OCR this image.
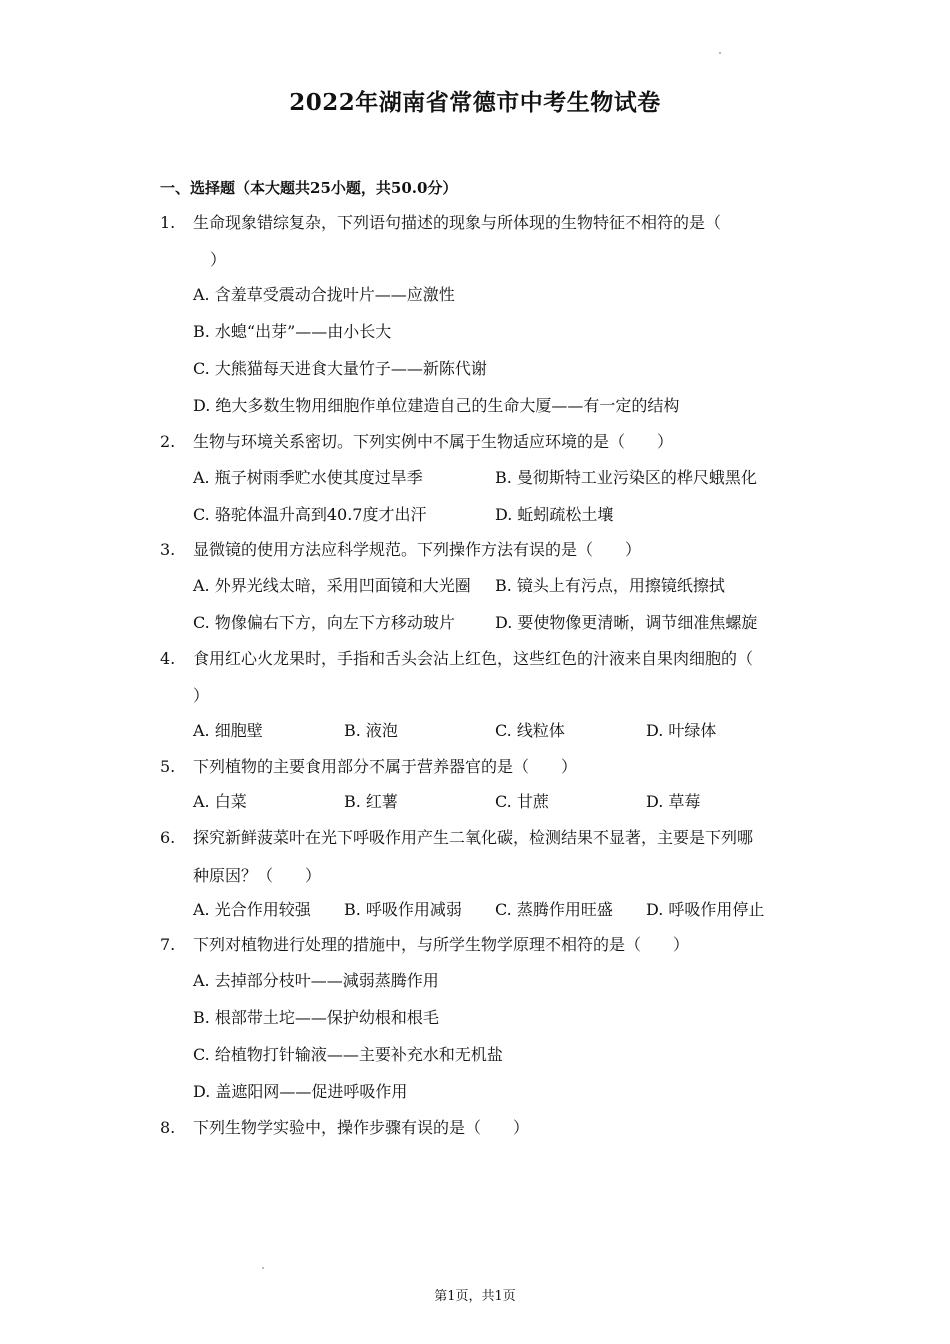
2022年湖南省常德市中考生物试卷
一、选择题（本大题共25小题，共50.0分）
1. 生命现象错综复杂，下列语句描述的现象与所体现的生物特征不相符的是（
）
A. 含羞草受震动合拢叶片——应激性
B. 水螅“出芽”——由小长大
C. 大熊猫每天进食大量竹子——新陈代谢
D. 绝大多数生物用细胞作单位建造自己的生命大厦——有一定的结构
2. 生物与环境关系密切。下列实例中不属于生物适应环境的是（　　）
A. 瓶子树雨季贮水使其度过旱季	B. 曼彻斯特工业污染区的桦尺蛾黑化
C. 骆驼体温升高到40.7度才出汗	D. 蚯蚓疏松土壤
3. 显微镜的使用方法应科学规范。下列操作方法有误的是（　　）
A. 外界光线太暗，采用凹面镜和大光圈 B. 镜头上有污点，用擦镜纸擦拭
C. 物像偏右下方，向左下方移动玻片	D. 要使物像更清晰，调节细准焦螺旋
4. 食用红心火龙果时，手指和舌头会沾上红色，这些红色的汁液来自果肉细胞的（
）
A. 细胞壁	B. 液泡	C. 线粒体	D. 叶绿体
5. 下列植物的主要食用部分不属于营养器官的是（　　）
A. 白菜	B. 红薯	C. 甘蔗	D. 草莓
6. 探究新鲜菠菜叶在光下呼吸作用产生二氧化碳，检测结果不显著，主要是下列哪
种原因？（　　）
A. 光合作用较强 B. 呼吸作用减弱 C. 蒸腾作用旺盛 D. 呼吸作用停止
7. 下列对植物进行处理的措施中，与所学生物学原理不相符的是（　　）
A. 去掉部分枝叶——減弱蒸腾作用
B. 根部带土坨——保护幼根和根毛
C. 给植物打针输液——主要补充水和无机盐
D. 盖遮阳网——促进呼吸作用
8. 下列生物学实验中，操作步骤有误的是（　　）
第1页，共1页
